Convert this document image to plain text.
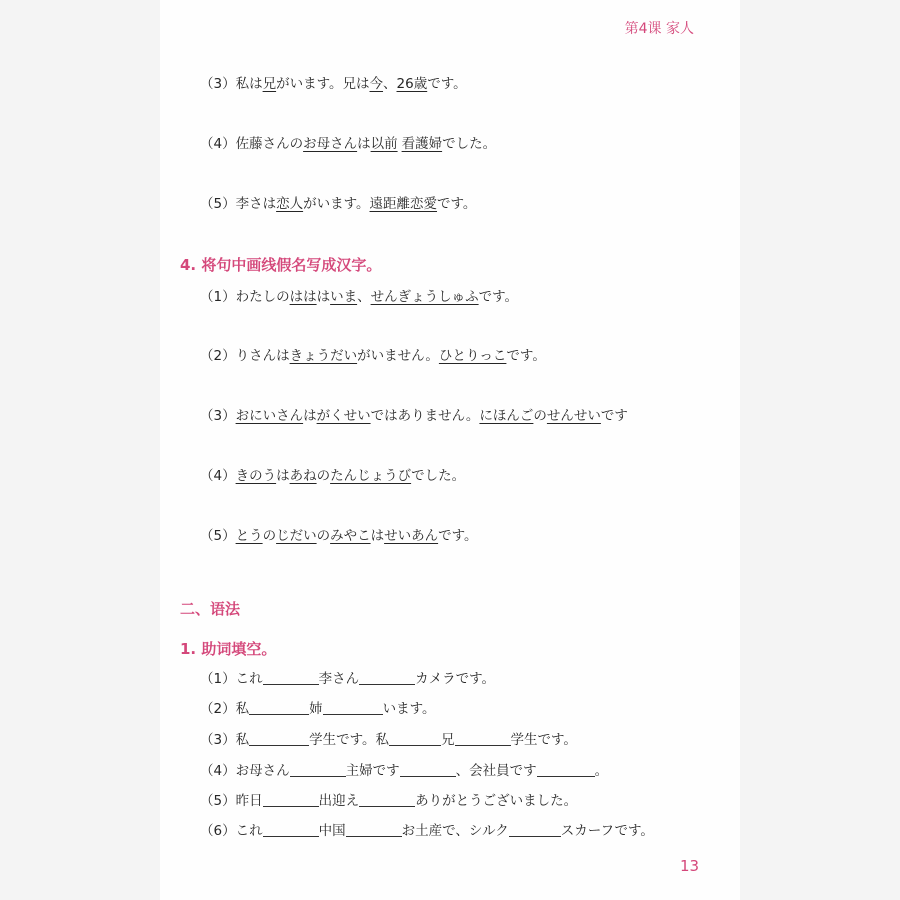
第4课 家人
（3）私は兄がいます。兄は今、26歳です。
（4）佐藤さんのお母さんは以前 看護婦でした。
（5）李さは恋人がいます。遠距離恋愛です。
4. 将句中画线假名写成汉字。
（1）わたしのはははいま、せんぎょうしゅふです。
（2）りさんはきょうだいがいません。ひとりっこです。
（3）おにいさんはがくせいではありません。にほんごのせんせいです
（4）きのうはあねのたんじょうびでした。
（5）とうのじだいのみやこはせいあんです。
二、语法
1. 助词填空。
（1）これ	李さん	カメラです。
（2）私	姉	います。
（3）私	学生です。私	兄	学生です。
（4）お母さん	主婦です	、会社員です	。
（5）昨日	出迎え	ありがとうございました。
（6）これ	中国	お土産で、シルク	スカーフです。
13
